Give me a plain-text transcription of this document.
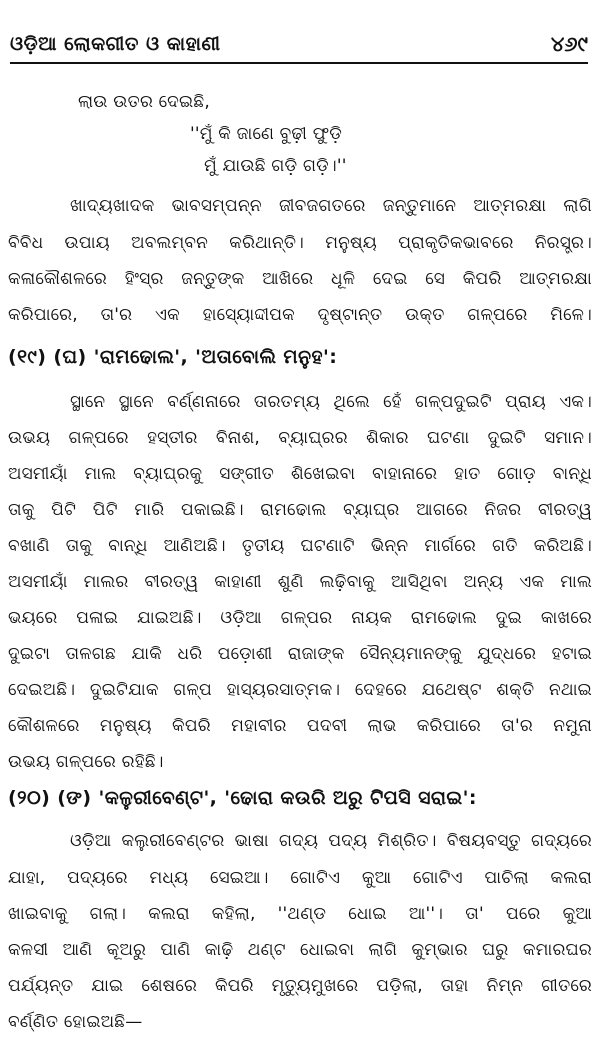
ଓଡ଼ିଆ ଲୋକଗୀତ ଓ କାହାଣୀ	୪୬୯
ଲାଉ ଉତର ଦେଇଛି,
''ମୁଁ କି ଜାଣେ ବୁଢ଼ୀ ଫୁଡ଼ି
ମୁଁ ଯାଉଛି ଗଡ଼ି ଗଡ଼ି।''
ଖାଦ୍ୟଖାଦକ ଭାବସମ୍ପନ୍ନ ଜୀବଜଗତରେ ଜନ୍ତୁମାନେ ଆତ୍ମରକ୍ଷା ଲାଗି
ବିବିଧ ଉପାୟ ଅବଲମ୍ବନ କରିଥାନ୍ତି। ମନୁଷ୍ୟ ପ୍ରାକୃତିକଭାବରେ ନିରସ୍ତ୍ର।
କଳାକୌଶଳରେ ହିଂସ୍ର ଜନ୍ତୁଙ୍କ ଆଖିରେ ଧୂଳି ଦେଇ ସେ କିପରି ଆତ୍ମରକ୍ଷା
କରିପାରେ, ତା'ର ଏକ ହାସ୍ୟୋଦ୍ଦୀପକ ଦୃଷ୍ଟାନ୍ତ ଉକ୍ତ ଗଳ୍ପରେ ମିଳେ।
(୧୯) (ଘ) 'ରାମଢୋଲ', 'ଅତାବୋଲି ମନୁହ':
ସ୍ଥାନେ ସ୍ଥାନେ ବର୍ଣ୍ଣନାରେ ତାରତମ୍ୟ ଥିଲେ ହେଁ ଗଳ୍ପଦୁଇଟି ପ୍ରାୟ ଏକ।
ଉଭୟ ଗଳ୍ପରେ ହସ୍ତୀର ବିନାଶ, ବ୍ୟାଘ୍ରର ଶିକାର ଘଟଣା ଦୁଇଟି ସମାନ।
ଅସମୀୟାଁ ମାଲ ବ୍ୟାଘ୍ରକୁ ସଙ୍ଗୀତ ଶିଖେଇବା ବାହାନାରେ ହାତ ଗୋଡ଼ ବାନ୍ଧି
ତାକୁ ପିଟି ପିଟି ମାରି ପକାଇଛି। ରାମଢୋଲ ବ୍ୟାଘ୍ର ଆଗରେ ନିଜର ବୀରତ୍ୱ
ବଖାଣି ତାକୁ ବାନ୍ଧି ଆଣିଅଛି। ତୃତୀୟ ଘଟଣାଟି ଭିନ୍ନ ମାର୍ଗରେ ଗତି କରିଅଛି।
ଅସମୀୟାଁ ମାଲର ବୀରତ୍ୱ କାହାଣୀ ଶୁଣି ଲଢ଼ିବାକୁ ଆସିଥିବା ଅନ୍ୟ ଏକ ମାଲ
ଭୟରେ ପଳାଇ ଯାଇଅଛି। ଓଡ଼ିଆ ଗଳ୍ପର ନାୟକ ରାମଢୋଲ ଦୁଇ କାଖରେ
ଦୁଇଟା ତାଳଗଛ ଯାକି ଧରି ପଡ଼ୋଶୀ ରାଜାଙ୍କ ସୈନ୍ୟମାନଙ୍କୁ ଯୁଦ୍ଧରେ ହଟାଇ
ଦେଇଅଛି। ଦୁଇଟିଯାକ ଗଳ୍ପ ହାସ୍ୟରସାତ୍ମକ। ଦେହରେ ଯଥେଷ୍ଟ ଶକ୍ତି ନଥାଇ
କୌଶଳରେ ମନୁଷ୍ୟ କିପରି ମହାବୀର ପଦବୀ ଲାଭ କରିପାରେ ତା'ର ନମୁନା
ଉଭୟ ଗଳ୍ପରେ ରହିଛି।
(୨୦) (ଙ) 'କଳୁରୀବେଣ୍ଟ', 'ଢୋରା କଉରି ଅରୁ ଟିପସି ସରାଇ':
ଓଡ଼ିଆ କଲୁରୀବେଣ୍ଟର ଭାଷା ଗଦ୍ୟ ପଦ୍ୟ ମିଶ୍ରିତ। ବିଷୟବସ୍ତୁ ଗଦ୍ୟରେ
ଯାହା, ପଦ୍ୟରେ ମଧ୍ୟ ସେଇଆ। ଗୋଟିଏ କୁଆ ଗୋଟିଏ ପାଚିଲା କଲରା
ଖାଇବାକୁ ଗଲା। କଲରା କହିଲା, ''ଥଣ୍ଡ ଧୋଇ ଆ''। ତା' ପରେ କୁଆ
କଳସୀ ଆଣି କୂଅରୁ ପାଣି କାଢ଼ି ଥଣ୍ଟ ଧୋଇବା ଲାଗି କୁମ୍ଭାର ଘରୁ କମାରଘର
ପର୍ଯ୍ୟନ୍ତ ଯାଇ ଶେଷରେ କିପରି ମୃତ୍ୟୁମୁଖରେ ପଡ଼ିଲା, ତାହା ନିମ୍ନ ଗୀତରେ
ବର୍ଣ୍ଣିତ ହୋଇଅଛି—
